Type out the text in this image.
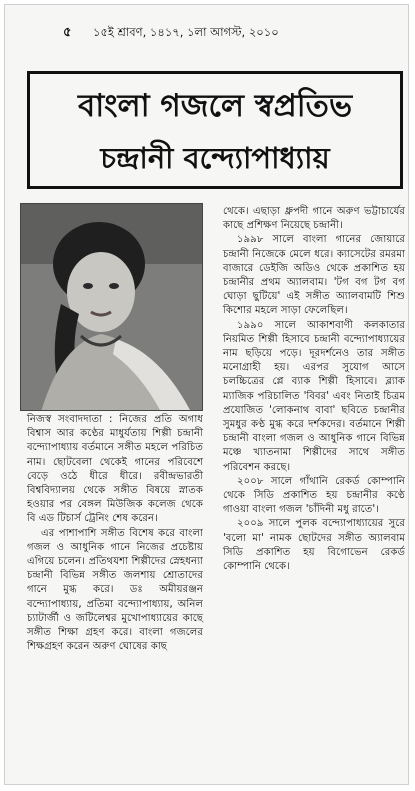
৫ ১৫ই শ্রাবণ, ১৪১৭, ১লা আগস্ট, ২০১০
বাংলা গজলে স্বপ্রতিভ
চন্দ্রানী বন্দ্যোপাধ্যায়

নিজস্ব সংবাদদাতা : নিজের প্রতি অগাধ বিশ্বাস আর কণ্ঠের মাধুর্যতায় শিল্পী চন্দ্রানী বন্দ্যোপাধ্যায় বর্তমানে সঙ্গীত মহলে পরিচিত নাম। ছোটবেলা থেকেই গানের পরিবেশে বেড়ে ওঠে ধীরে ধীরে। রবীন্দ্রভারতী বিশ্ববিদ্যালয় থেকে সঙ্গীত বিষয়ে স্নাতক হওয়ার পর বেঙ্গল মিউজিক কলেজ থেকে বি এড টিচার্স ট্রেনিং শেষ করেন।

এর পাশাপাশি সঙ্গীত বিশেষ করে বাংলা গজল ও আধুনিক গানে নিজের প্রচেষ্টায় এগিয়ে চলেন। প্রতিথযশা শিল্পীদের স্নেহধন্যা চন্দ্রানী বিভিন্ন সঙ্গীত জলশায় শ্রোতাদের গানে মুগ্ধ করে। ডঃ অমীয়রঞ্জন বন্দ্যোপাধ্যায়, প্রতিমা বন্দ্যোপাধ্যায়, অনিল চ্যাটার্জী ও জটিলেশ্বর মুখোপাধ্যায়ের কাছে সঙ্গীত শিক্ষা গ্রহণ করে। বাংলা গজলের শিক্ষগ্রহণ করেন অরুণ ঘোষের কাছ

থেকে। এছাড়া ধ্রুপদী গানে অরুণ ভট্টাচার্যের কাছে প্রশিক্ষণ নিয়েছে চন্দ্রানী।

১৯৯৮ সালে বাংলা গানের জোয়ারে চন্দ্রানী নিজেকে মেলে ধরে। ক্যাসেটের রমরমা বাজারে ডেইজি অডিও থেকে প্রকাশিত হয় চন্দ্রানীর প্রথম অ্যালবাম। 'টগ বগ টগ বগ ঘোড়া ছুটিয়ে' এই সঙ্গীত অ্যালবামটি শিশু কিশোর মহলে সাড়া ফেলেছিল।

১৯৯০ সালে আকাশবাণী কলকাতার নিয়মিত শিল্পী হিসাবে চন্দ্রানী বন্দ্যোপাধ্যায়ের নাম ছড়িয়ে পড়ে। দূরদর্শনেও তার সঙ্গীত মনোগ্রাহী হয়। এরপর সুযোগ আসে চলচ্চিত্রের প্লে ব্যাক শিল্পী হিসাবে। ব্ল্যাক ম্যাজিক পরিচালিত 'বিবর' এবং নিতাই চিত্রম প্রযোজিত 'লোকনাথ বাবা' ছবিতে চন্দ্রানীর সুমধুর কণ্ঠ মুগ্ধ করে দর্শকদের। বর্তমানে শিল্পী চন্দ্রানী বাংলা গজল ও আধুনিক গানে বিভিন্ন মঞ্চে খ্যাতনামা শিল্পীদের সাথে সঙ্গীত পরিবেশন করছে।

২০০৮ সালে গাঁথানি রেকর্ড কোম্পানি থেকে সিডি প্রকাশিত হয় চন্দ্রানীর কণ্ঠে গাওয়া বাংলা গজল 'চাঁদিনী মধু রাতে'।

২০০৯ সালে পুলক বন্দ্যোপাধ্যায়ের সুরে 'বলো মা' নামক ছোটদের সঙ্গীত অ্যালবাম সিডি প্রকাশিত হয় বিগোভেন রেকর্ড কোম্পানি থেকে।
